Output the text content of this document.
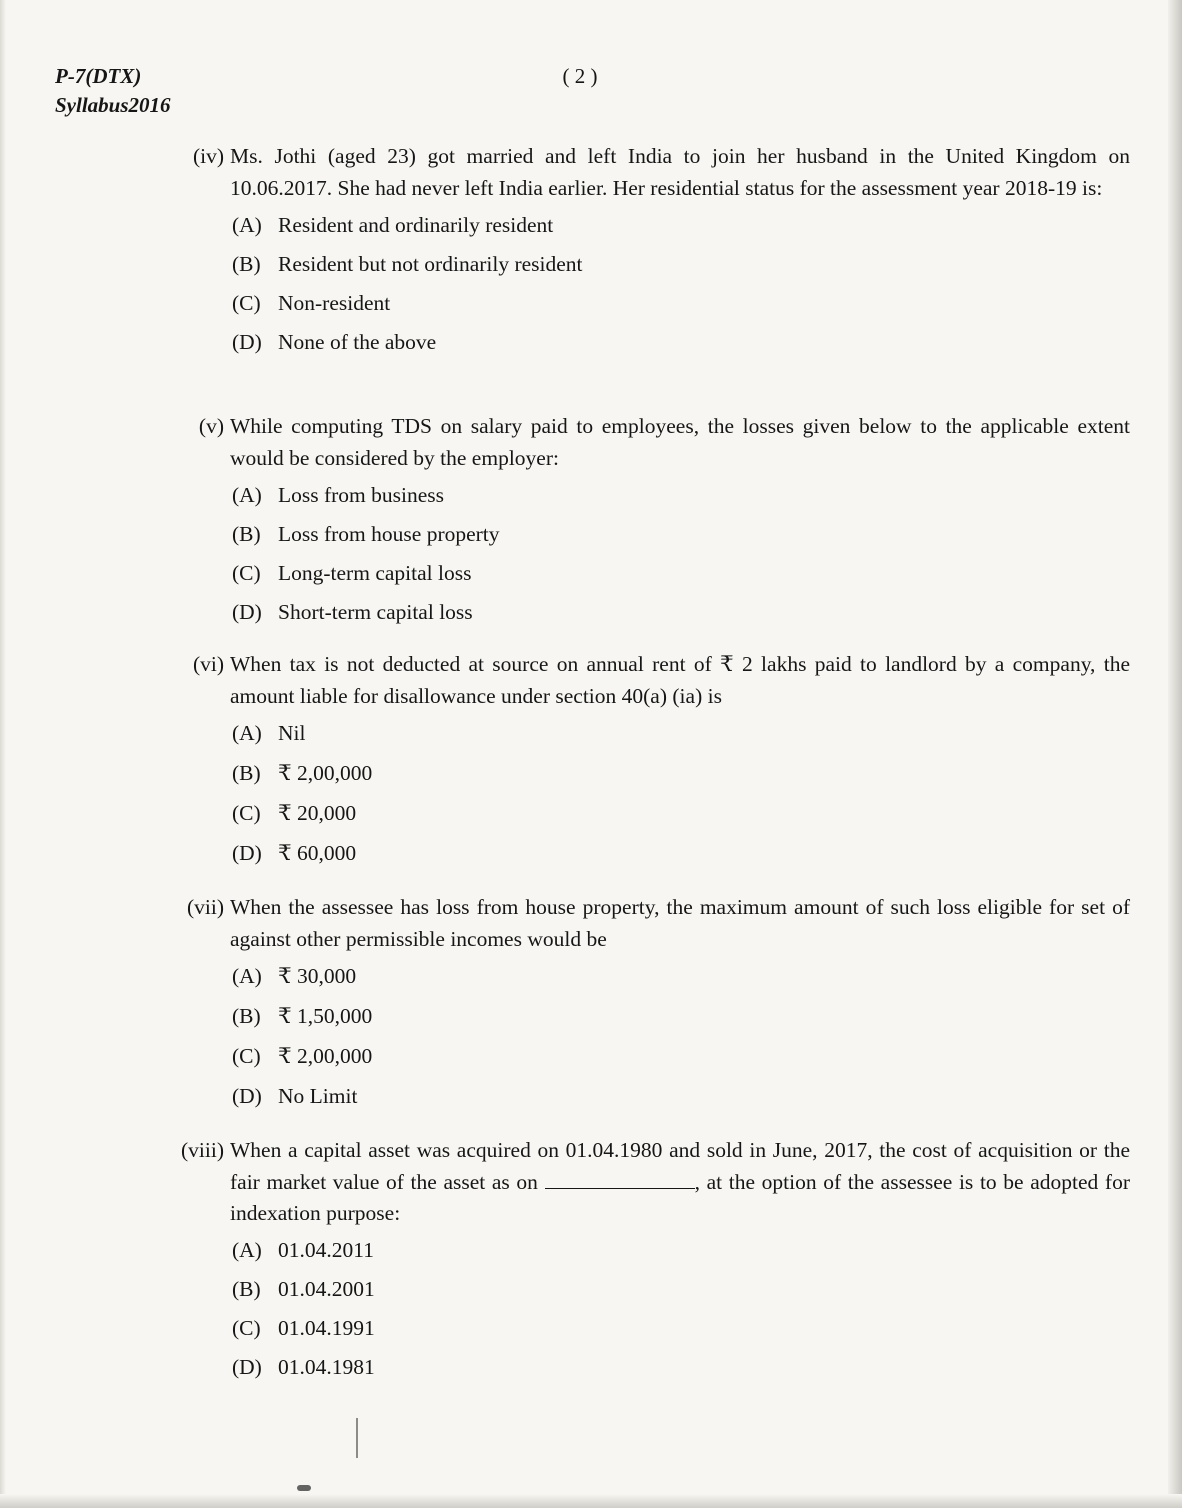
P-7(DTX)
Syllabus2016
( 2 )
(iv) Ms. Jothi (aged 23) got married and left India to join her husband in the United Kingdom on 10.06.2017. She had never left India earlier. Her residential status for the assessment year 2018-19 is:
(A) Resident and ordinarily resident
(B) Resident but not ordinarily resident
(C) Non-resident
(D) None of the above
(v) While computing TDS on salary paid to employees, the losses given below to the applicable extent would be considered by the employer:
(A) Loss from business
(B) Loss from house property
(C) Long-term capital loss
(D) Short-term capital loss
(vi) When tax is not deducted at source on annual rent of ₹ 2 lakhs paid to landlord by a company, the amount liable for disallowance under section 40(a) (ia) is
(A) Nil
(B) ₹ 2,00,000
(C) ₹ 20,000
(D) ₹ 60,000
(vii) When the assessee has loss from house property, the maximum amount of such loss eligible for set of against other permissible incomes would be
(A) ₹ 30,000
(B) ₹ 1,50,000
(C) ₹ 2,00,000
(D) No Limit
(viii) When a capital asset was acquired on 01.04.1980 and sold in June, 2017, the cost of acquisition or the fair market value of the asset as on	, at the option of the assessee is to be adopted for indexation purpose:
(A) 01.04.2011
(B) 01.04.2001
(C) 01.04.1991
(D) 01.04.1981
